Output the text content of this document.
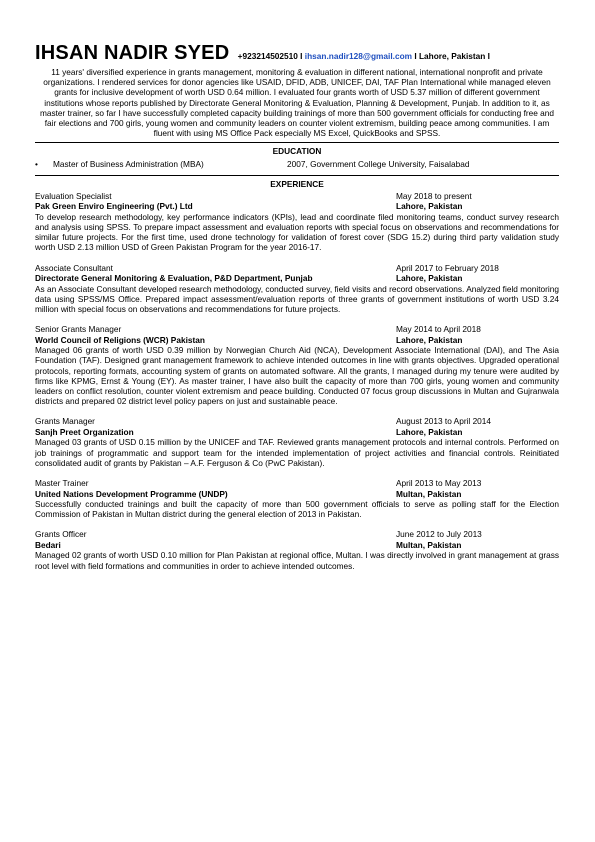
IHSAN NADIR SYED +923214502510 I ihsan.nadir128@gmail.com I Lahore, Pakistan I
11 years' diversified experience in grants management, monitoring & evaluation in different national, international nonprofit and private organizations. I rendered services for donor agencies like USAID, DFID, ADB, UNICEF, DAI, TAF Plan International while managed eleven grants for inclusive development of worth USD 0.64 million. I evaluated four grants worth of USD 5.37 million of different government institutions whose reports published by Directorate General Monitoring & Evaluation, Planning & Development, Punjab. In addition to it, as master trainer, so far I have successfully completed capacity building trainings of more than 500 government officials for conducting free and fair elections and 700 girls, young women and community leaders on counter violent extremism, building peace among communities. I am fluent with using MS Office Pack especially MS Excel, QuickBooks and SPSS.
EDUCATION
• Master of Business Administration (MBA)	2007, Government College University, Faisalabad
EXPERIENCE
Evaluation Specialist	May 2018 to present
Pak Green Enviro Engineering (Pvt.) Ltd	Lahore, Pakistan
To develop research methodology, key performance indicators (KPIs), lead and coordinate filed monitoring teams, conduct survey research and analysis using SPSS. To prepare impact assessment and evaluation reports with special focus on observations and recommendations for similar future projects. For the first time, used drone technology for validation of forest cover (SDG 15.2) during third party validation study worth USD 2.13 million USD of Green Pakistan Program for the year 2016-17.
Associate Consultant	April 2017 to February 2018
Directorate General Monitoring & Evaluation, P&D Department, Punjab	Lahore, Pakistan
As an Associate Consultant developed research methodology, conducted survey, field visits and record observations. Analyzed field monitoring data using SPSS/MS Office. Prepared impact assessment/evaluation reports of three grants of government institutions of worth USD 3.24 million with special focus on observations and recommendations for future projects.
Senior Grants Manager	May 2014 to April 2018
World Council of Religions (WCR) Pakistan	Lahore, Pakistan
Managed 06 grants of worth USD 0.39 million by Norwegian Church Aid (NCA), Development Associate International (DAI), and The Asia Foundation (TAF). Designed grant management framework to achieve intended outcomes in line with grants objectives. Upgraded operational protocols, reporting formats, accounting system of grants on automated software. All the grants, I managed during my tenure were audited by firms like KPMG, Ernst & Young (EY). As master trainer, I have also built the capacity of more than 700 girls, young women and community leaders on conflict resolution, counter violent extremism and peace building. Conducted 07 focus group discussions in Multan and Gujranwala districts and prepared 02 district level policy papers on just and sustainable peace.
Grants Manager	August 2013 to April 2014
Sanjh Preet Organization	Lahore, Pakistan
Managed 03 grants of USD 0.15 million by the UNICEF and TAF. Reviewed grants management protocols and internal controls. Performed on job trainings of programmatic and support team for the intended implementation of project activities and financial controls. Reinitiated consolidated audit of grants by Pakistan – A.F. Ferguson & Co (PwC Pakistan).
Master Trainer	April 2013 to May 2013
United Nations Development Programme (UNDP)	Multan, Pakistan
Successfully conducted trainings and built the capacity of more than 500 government officials to serve as polling staff for the Election Commission of Pakistan in Multan district during the general election of 2013 in Pakistan.
Grants Officer	June 2012 to July 2013
Bedari	Multan, Pakistan
Managed 02 grants of worth USD 0.10 million for Plan Pakistan at regional office, Multan. I was directly involved in grant management at grass root level with field formations and communities in order to achieve intended outcomes.
